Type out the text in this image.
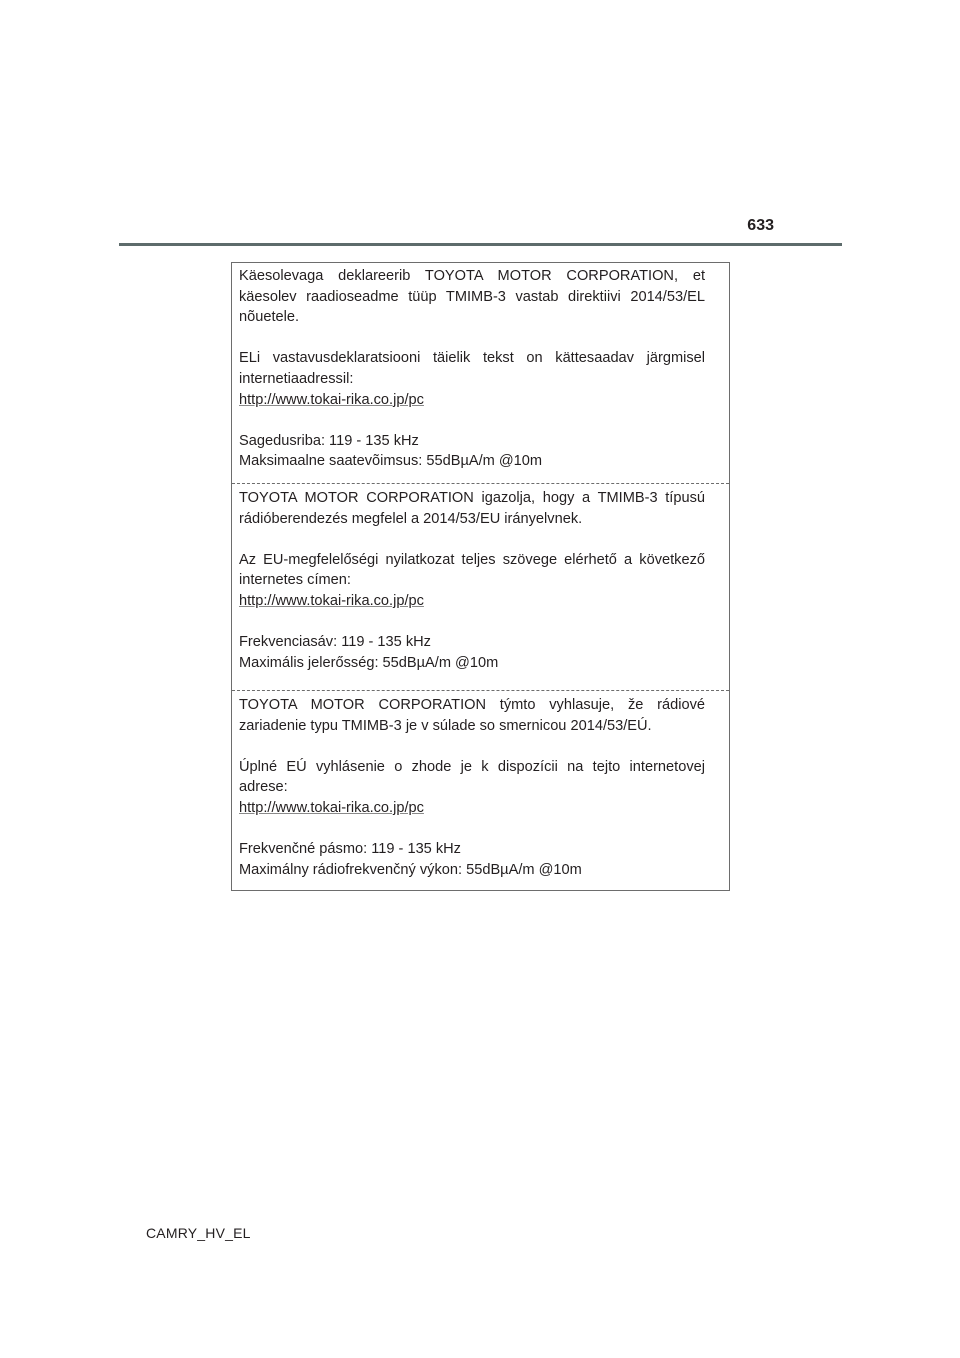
633

Käesolevaga deklareerib TOYOTA MOTOR CORPORATION, et käesolev raadioseadme tüüp TMIMB-3 vastab direktiivi 2014/53/EL nõuetele.

ELi vastavusdeklaratsiooni täielik tekst on kättesaadav järgmisel internetiaadressil:

http://www.tokai-rika.co.jp/pc

Sagedusriba: 119 - 135 kHz

Maksimaalne saatevõimsus: 55dBµA/m @10m

TOYOTA MOTOR CORPORATION igazolja, hogy a TMIMB-3 típusú rádióberendezés megfelel a 2014/53/EU irányelvnek.

Az EU-megfelelőségi nyilatkozat teljes szövege elérhető a következő internetes címen:

http://www.tokai-rika.co.jp/pc

Frekvenciasáv: 119 - 135 kHz

Maximális jelerősség: 55dBµA/m @10m

TOYOTA MOTOR CORPORATION týmto vyhlasuje, že rádiové zariadenie typu TMIMB-3 je v súlade so smernicou 2014/53/EÚ.

Úplné EÚ vyhlásenie o zhode je k dispozícii na tejto internetovej adrese:

http://www.tokai-rika.co.jp/pc

Frekvenčné pásmo: 119 - 135 kHz

Maximálny rádiofrekvenčný výkon: 55dBµA/m @10m

CAMRY_HV_EL
